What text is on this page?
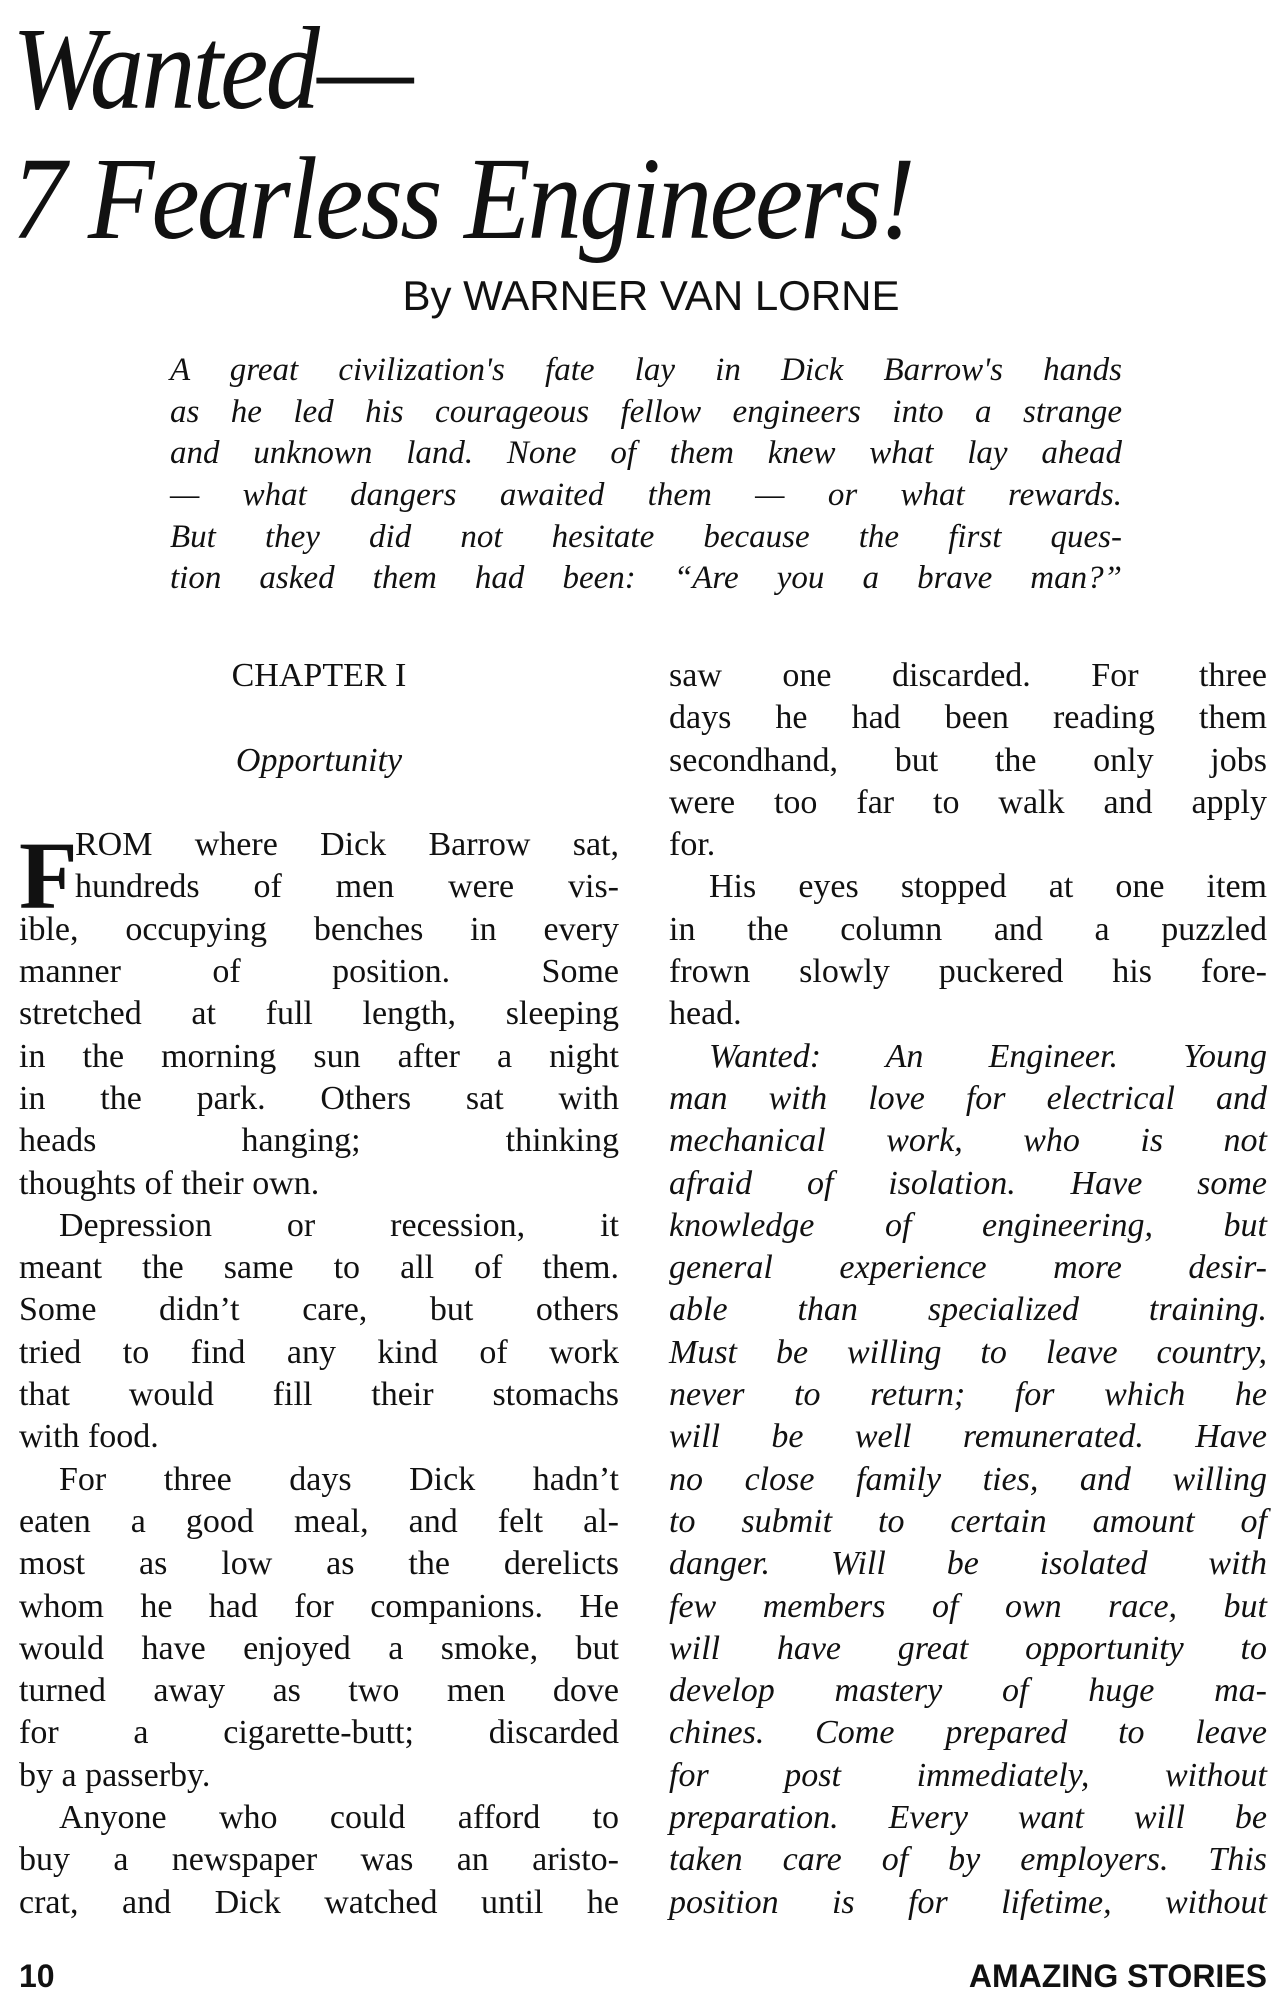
Wanted—
7 Fearless Engineers!
By WARNER VAN LORNE
A great civilization's fate lay in Dick Barrow's hands
as he led his courageous fellow engineers into a strange
and unknown land. None of them knew what lay ahead
— what dangers awaited them — or what rewards.
But they did not hesitate because the first ques-
tion asked them had been: “Are you a brave man?”
CHAPTER I
Opportunity
F
ROM where Dick Barrow sat,
hundreds of men were vis-
ible, occupying benches in every
manner of position. Some
stretched at full length, sleeping
in the morning sun after a night
in the park. Others sat with
heads hanging; thinking
thoughts of their own.
Depression or recession, it
meant the same to all of them.
Some didn’t care, but others
tried to find any kind of work
that would fill their stomachs
with food.
For three days Dick hadn’t
eaten a good meal, and felt al-
most as low as the derelicts
whom he had for companions. He
would have enjoyed a smoke, but
turned away as two men dove
for a cigarette-butt; discarded
by a passerby.
Anyone who could afford to
buy a newspaper was an aristo-
crat, and Dick watched until he
saw one discarded. For three
days he had been reading them
secondhand, but the only jobs
were too far to walk and apply
for.
His eyes stopped at one item
in the column and a puzzled
frown slowly puckered his fore-
head.
Wanted: An Engineer. Young
man with love for electrical and
mechanical work, who is not
afraid of isolation. Have some
knowledge of engineering, but
general experience more desir-
able than specialized training.
Must be willing to leave country,
never to return; for which he
will be well remunerated. Have
no close family ties, and willing
to submit to certain amount of
danger. Will be isolated with
few members of own race, but
will have great opportunity to
develop mastery of huge ma-
chines. Come prepared to leave
for post immediately, without
preparation. Every want will be
taken care of by employers. This
position is for lifetime, without
10	AMAZING STORIES
